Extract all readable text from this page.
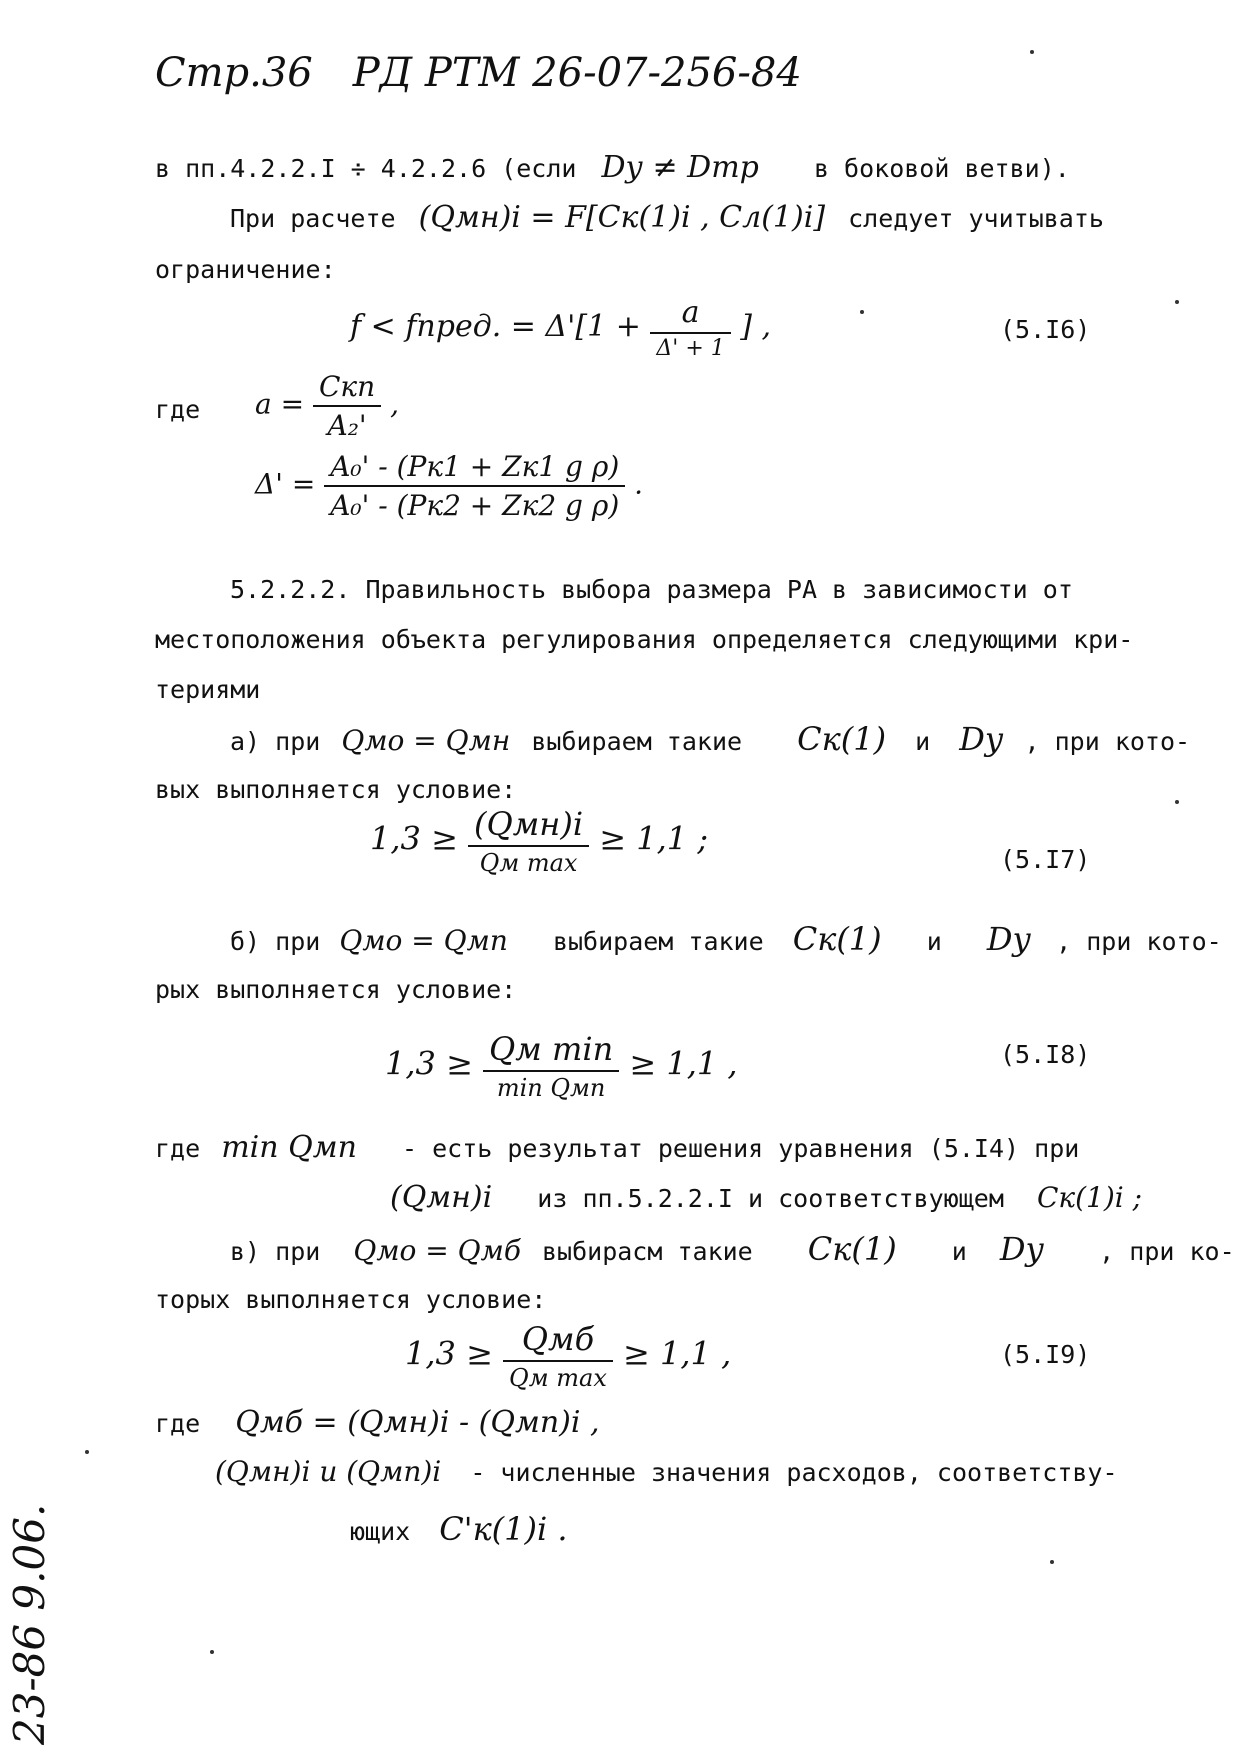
Стр.36 РД РТМ 26-07-256-84
в пп.4.2.2.I ÷ 4.2.2.6 (если Dу ≠ Dтр в боковой ветви).
При расчете (Qмн)i = F[Cк(1)i , Cл(1)i] следует учитывать
ограничение:
f < fпред. = $\Delta'[1 + \frac{a}{\Delta' + 1}$ ] ,	(5.I6)
где $a = \frac{\text{Cкп}}{\text{A₂'}}$ ,
$\Delta' = \frac{\text{A₀' - (Pк1 + Zк1 g ρ)}}{\text{A₀' - (Pк2 + Zк2 g ρ)}}$ .
5.2.2.2. Правильность выбора размера РА в зависимости от
местоположения объекта регулирования определяется следующими кри-
териями
а) при Qмо = Qмн выбираем такие Cк(1) и Dу , при кото-
вых выполняется условие:
$1,3 \ge \frac{\text{(Qмн)i}}{\text{Qм max}} \ge 1,1$ ;
(5.I7)
б) при Qмо = Qмп выбираем такие Cк(1) и Dу , при кото-
рых выполняется условие:
$1,3 \ge \frac{\text{Qм min}}{\text{min Qмп}} \ge 1,1$ ,	(5.I8)
где min Qмп - есть результат решения уравнения (5.I4) при
(Qмн)i из пп.5.2.2.I и соответствующем Cк(1)i ;
в) при Qмо = Qмб выбирасм такие Cк(1) и Dу , при ко-
торых выполняется условие:
$1,3 \ge \frac{\text{Qмб}}{\text{Qм max}} \ge 1,1$ ,	(5.I9)
где Qмб = (Qмн)i - (Qмп)i ,
(Qмн)i и (Qмп)i - численные значения расходов, соответству-
ющих C'к(1)i .
23-86 9.06.
